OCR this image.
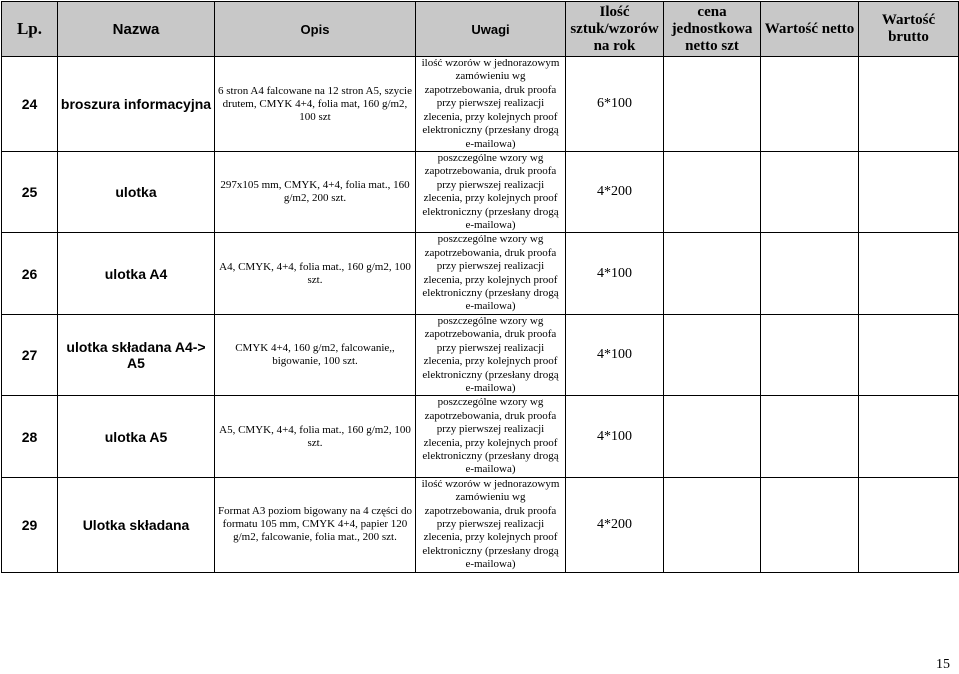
Lp.	Nazwa	Opis	Uwagi	Ilość sztuk/wzorów na rok	cena jednostkowa netto szt	Wartość netto	Wartość brutto
24	broszura informacyjna	6 stron A4 falcowane na 12 stron A5, szycie drutem, CMYK 4+4, folia mat, 160 g/m2, 100 szt	ilość wzorów w jednorazowym zamówieniu wg zapotrzebowania, druk proofa przy pierwszej realizacji zlecenia, przy kolejnych proof elektroniczny (przesłany drogą e-mailowa)	6*100			
25	ulotka	297x105 mm, CMYK, 4+4, folia mat., 160 g/m2, 200 szt.	poszczególne wzory wg zapotrzebowania, druk proofa przy pierwszej realizacji zlecenia, przy kolejnych proof elektroniczny (przesłany drogą e-mailowa)	4*200			
26	ulotka A4	A4, CMYK, 4+4, folia mat., 160 g/m2, 100 szt.	poszczególne wzory wg zapotrzebowania, druk proofa przy pierwszej realizacji zlecenia, przy kolejnych proof elektroniczny (przesłany drogą e-mailowa)	4*100			
27	ulotka składana A4-> A5	CMYK 4+4, 160 g/m2, falcowanie,, bigowanie, 100 szt.	poszczególne wzory wg zapotrzebowania, druk proofa przy pierwszej realizacji zlecenia, przy kolejnych proof elektroniczny (przesłany drogą e-mailowa)	4*100			
28	ulotka A5	A5, CMYK, 4+4, folia mat., 160 g/m2, 100 szt.	poszczególne wzory wg zapotrzebowania, druk proofa przy pierwszej realizacji zlecenia, przy kolejnych proof elektroniczny (przesłany drogą e-mailowa)	4*100			
29	Ulotka składana	Format A3 poziom bigowany na 4 części do formatu 105 mm, CMYK 4+4, papier 120 g/m2, falcowanie, folia mat., 200 szt.	ilość wzorów w jednorazowym zamówieniu wg zapotrzebowania, druk proofa przy pierwszej realizacji zlecenia, przy kolejnych proof elektroniczny (przesłany drogą e-mailowa)	4*200			
15
